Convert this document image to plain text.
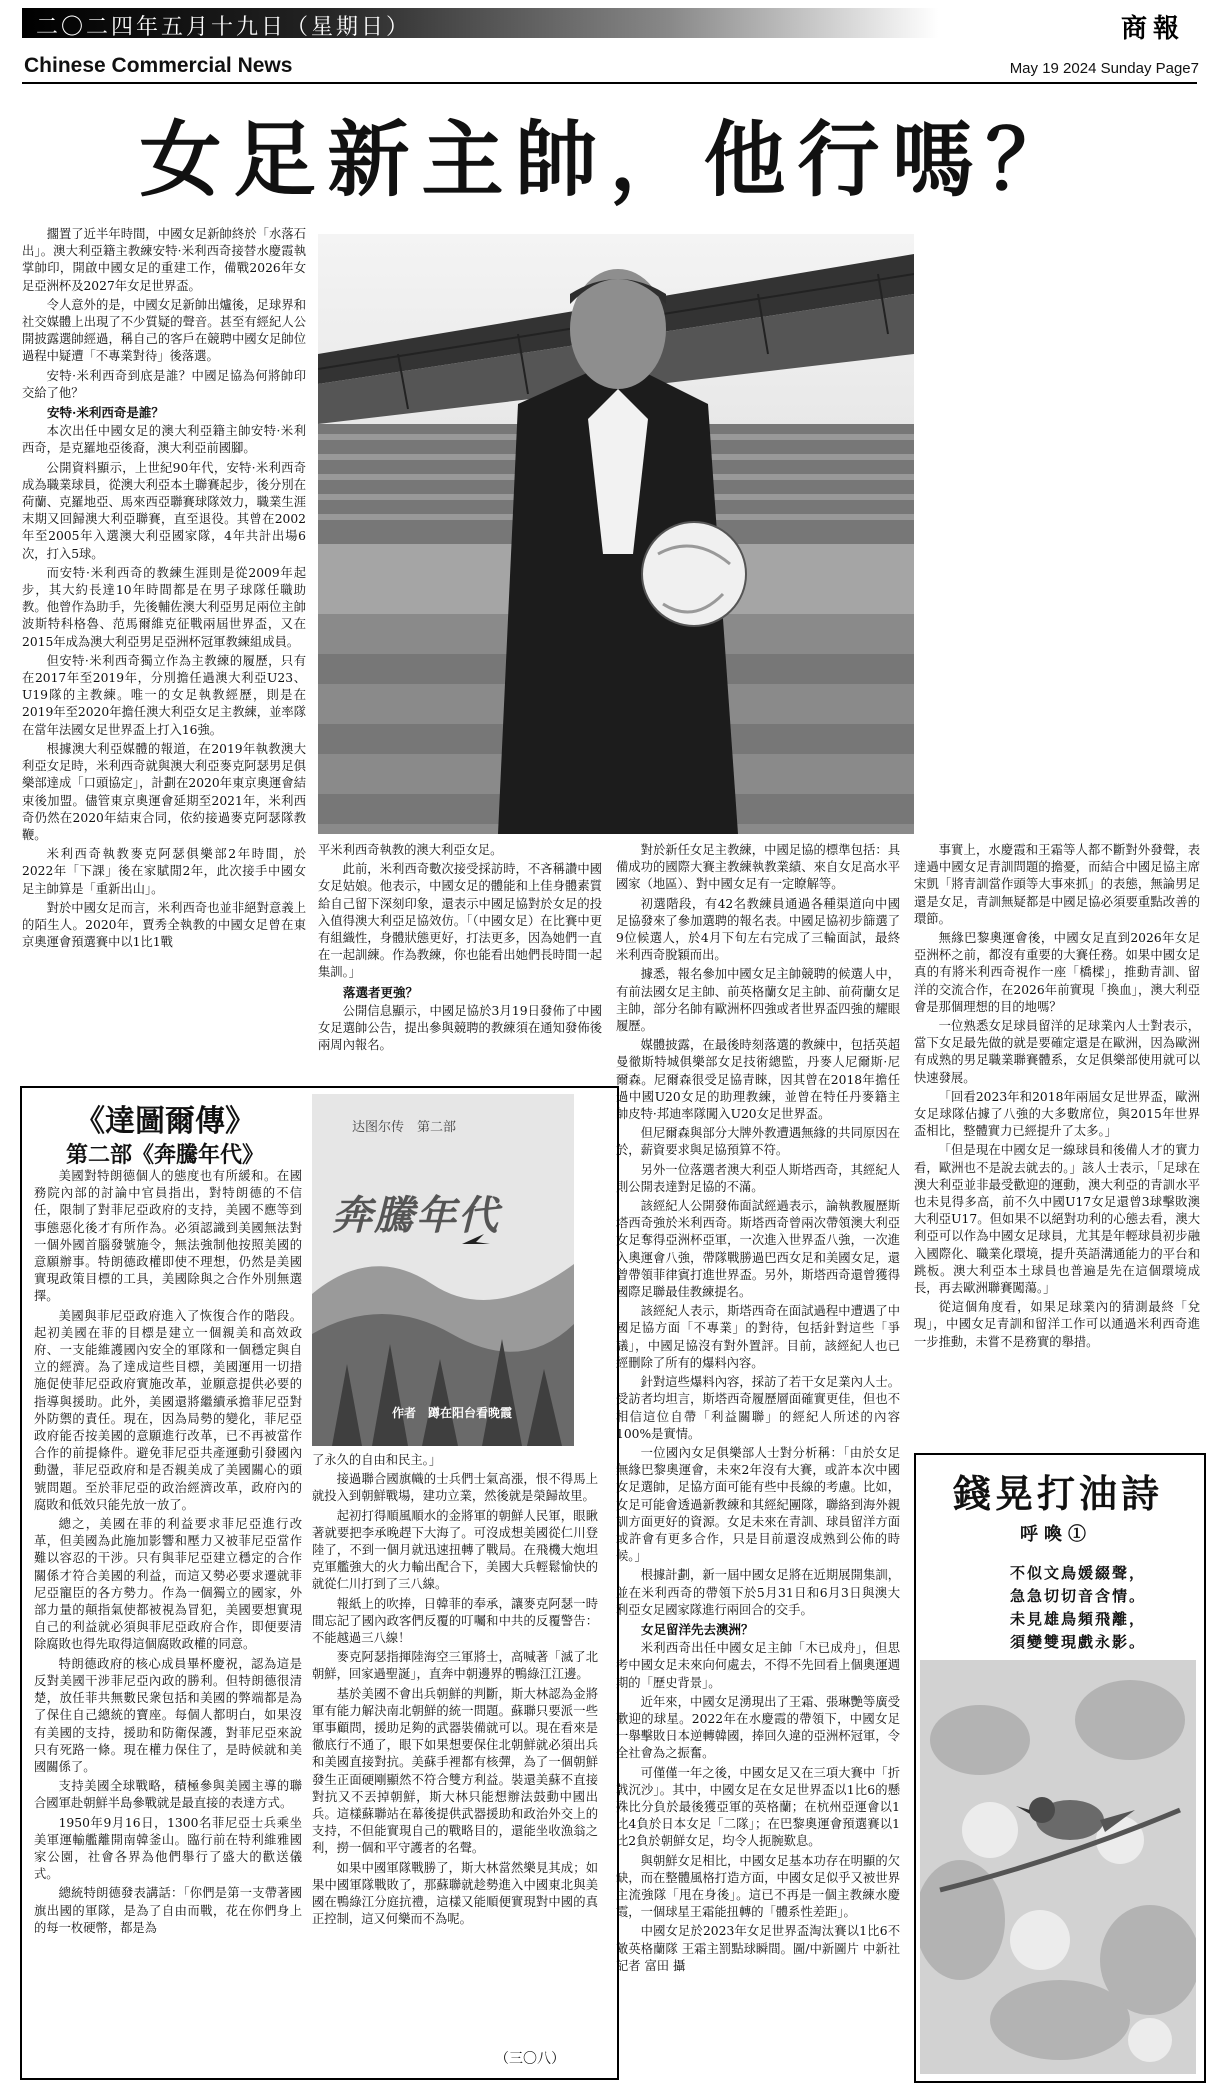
二〇二四年五月十九日（星期日）	商報
Chinese Commercial News	May 19 2024 Sunday Page7
女足新主帥，他行嗎？

擱置了近半年時間，中國女足新帥終於「水落石出」。澳大利亞籍主教練安特·米利西奇接替水慶霞執掌帥印，開啟中國女足的重建工作，備戰2026年女足亞洲杯及2027年女足世界盃。

令人意外的是，中國女足新帥出爐後，足球界和社交媒體上出現了不少質疑的聲音。甚至有經紀人公開披露選帥經過，稱自己的客戶在競聘中國女足帥位過程中疑遭「不專業對待」後落選。

安特·米利西奇到底是誰？中國足協為何將帥印交給了他？

安特·米利西奇是誰？

本次出任中國女足的澳大利亞籍主帥安特·米利西奇，是克羅地亞後裔，澳大利亞前國腳。

公開資料顯示，上世紀90年代，安特·米利西奇成為職業球員，從澳大利亞本土聯賽起步，後分別在荷蘭、克羅地亞、馬來西亞聯賽球隊效力，職業生涯末期又回歸澳大利亞聯賽，直至退役。其曾在2002年至2005年入選澳大利亞國家隊，4年共計出場6次，打入5球。

而安特·米利西奇的教練生涯則是從2009年起步，其大約長達10年時間都是在男子球隊任職助教。他曾作為助手，先後輔佐澳大利亞男足兩位主帥波斯特科格魯、范馬爾維克征戰兩屆世界盃，又在2015年成為澳大利亞男足亞洲杯冠軍教練組成員。

但安特·米利西奇獨立作為主教練的履歷，只有在2017年至2019年，分別擔任過澳大利亞U23、U19隊的主教練。唯一的女足執教經歷，則是在2019年至2020年擔任澳大利亞女足主教練，並率隊在當年法國女足世界盃上打入16強。

根據澳大利亞媒體的報道，在2019年執教澳大利亞女足時，米利西奇就與澳大利亞麥克阿瑟男足俱樂部達成「口頭協定」，計劃在2020年東京奧運會結束後加盟。儘管東京奧運會延期至2021年，米利西奇仍然在2020年結束合同，依約接過麥克阿瑟隊教鞭。

米利西奇執教麥克阿瑟俱樂部2年時間，於2022年「下課」後在家賦閒2年，此次接手中國女足主帥算是「重新出山」。

對於中國女足而言，米利西奇也並非絕對意義上的陌生人。2020年，賈秀全執教的中國女足曾在東京奧運會預選賽中以1比1戰

平米利西奇執教的澳大利亞女足。

此前，米利西奇數次接受採訪時，不吝稱讚中國女足姑娘。他表示，中國女足的體能和上佳身體素質給自己留下深刻印象，還表示中國足協對於女足的投入值得澳大利亞足協效仿。「（中國女足）在比賽中更有組織性，身體狀態更好，打法更多，因為她們一直在一起訓練。作為教練，你也能看出她們長時間一起集訓。」

落選者更強？

公開信息顯示，中國足協於3月19日發佈了中國女足選帥公告，提出參與競聘的教練須在通知發佈後兩周內報名。

對於新任女足主教練，中國足協的標準包括：具備成功的國際大賽主教練執教業績、來自女足高水平國家（地區）、對中國女足有一定瞭解等。

初選階段，有42名教練員通過各種渠道向中國足協發來了參加選聘的報名表。中國足協初步篩選了9位候選人，於4月下旬左右完成了三輪面試，最終米利西奇脫穎而出。

據悉，報名參加中國女足主帥競聘的候選人中，有前法國女足主帥、前英格蘭女足主帥、前荷蘭女足主帥，部分名帥有歐洲杯四強或者世界盃四強的耀眼履歷。

媒體披露，在最後時刻落選的教練中，包括英超曼徹斯特城俱樂部女足技術總監，丹麥人尼爾斯·尼爾森。尼爾森很受足協青睞，因其曾在2018年擔任過中國U20女足的助理教練，並曾在特任丹麥籍主帥皮特·邦迪率隊闖入U20女足世界盃。

但尼爾森與部分大牌外教遭遇無緣的共同原因在於，薪資要求與足協預算不符。

另外一位落選者澳大利亞人斯塔西奇，其經紀人則公開表達對足協的不滿。

該經紀人公開發佈面試經過表示，論執教履歷斯塔西奇強於米利西奇。斯塔西奇曾兩次帶領澳大利亞女足奪得亞洲杯亞軍，一次進入世界盃八強，一次進入奧運會八強，帶隊戰勝過巴西女足和美國女足，還曾帶領菲律賓打進世界盃。另外，斯塔西奇還曾獲得國際足聯最佳教練提名。

該經紀人表示，斯塔西奇在面試過程中遭遇了中國足協方面「不專業」的對待，包括針對這些「爭議」，中國足協沒有對外置評。目前，該經紀人也已經刪除了所有的爆料內容。

針對這些爆料內容，採訪了若干女足業內人士。受訪者均坦言，斯塔西奇履歷層面確實更佳，但也不相信這位自帶「利益關聯」的經紀人所述的內容100%是實情。

一位國內女足俱樂部人士對分析稱：「由於女足無緣巴黎奧運會，未來2年沒有大賽，或許本次中國女足選帥，足協方面可能有些中長線的考慮。比如，女足可能會透過新教練和其經紀團隊，聯絡到海外親訓方面更好的資源。女足未來在青訓、球員留洋方面或許會有更多合作，只是目前還沒成熟到公佈的時候。」

根據計劃，新一屆中國女足將在近期展開集訓，並在米利西奇的帶領下於5月31日和6月3日與澳大利亞女足國家隊進行兩回合的交手。

女足留洋先去澳洲？

米利西奇出任中國女足主帥「木已成舟」，但思考中國女足未來向何處去，不得不先回看上個奧運週期的「歷史背景」。

近年來，中國女足湧現出了王霜、張琳艷等廣受歡迎的球星。2022年在水慶霞的帶領下，中國女足一舉擊敗日本逆轉韓國，捧回久違的亞洲杯冠軍，令全社會為之振奮。

可僅僅一年之後，中國女足又在三項大賽中「折戟沉沙」。其中，中國女足在女足世界盃以1比6的懸殊比分負於最後獲亞軍的英格蘭；在杭州亞運會以1比4負於日本女足「二隊」；在巴黎奧運會預選賽以1比2負於朝鮮女足，均令人扼腕歎息。

與朝鮮女足相比，中國女足基本功存在明顯的欠缺，而在整體風格打造方面，中國女足似乎又被世界主流強隊「甩在身後」。這已不再是一個主教練水慶霞，一個球星王霜能扭轉的「體系性差距」。

中國女足於2023年女足世界盃淘汰賽以1比6不敵英格蘭隊 王霜主罰點球瞬間。圖/中新圖片 中新社記者 富田 攝

事實上，水慶霞和王霜等人都不斷對外發聲，表達過中國女足青訓問題的擔憂，而結合中國足協主席宋凱「將青訓當作頭等大事來抓」的表態，無論男足還是女足，青訓無疑都是中國足協必須要重點改善的環節。

無緣巴黎奧運會後，中國女足直到2026年女足亞洲杯之前，都沒有重要的大賽任務。如果中國女足真的有將米利西奇視作一座「橋樑」，推動青訓、留洋的交流合作，在2026年前實現「換血」，澳大利亞會是那個理想的目的地嗎？

一位熟悉女足球員留洋的足球業內人士對表示，當下女足最先做的就是要確定還是在歐洲，因為歐洲有成熟的男足職業聯賽體系，女足俱樂部使用就可以快速發展。

「回看2023年和2018年兩屆女足世界盃，歐洲女足球隊佔據了八強的大多數席位，與2015年世界盃相比，整體實力已經提升了太多。」

「但是現在中國女足一線球員和後備人才的實力看，歐洲也不是說去就去的。」該人士表示，「足球在澳大利亞並非最受歡迎的運動，澳大利亞的青訓水平也未見得多高，前不久中國U17女足還曾3球擊敗澳大利亞U17。但如果不以絕對功利的心態去看，澳大利亞可以作為中國女足球員，尤其是年輕球員初步融入國際化、職業化環境，提升英語溝通能力的平台和跳板。澳大利亞本土球員也普遍是先在這個環境成長，再去歐洲聯賽闖蕩。」

從這個角度看，如果足球業內的猜測最終「兌現」，中國女足青訓和留洋工作可以通過米利西奇進一步推動，未嘗不是務實的舉措。

《達圖爾傳》
第二部《奔騰年代》
达图尔传　第二部
奔騰年代
作者　蹲在阳台看晚霞

美國對特朗德個人的態度也有所緩和。在國務院內部的討論中官員指出，對特朗德的不信任，限制了對菲尼亞政府的支持，美國不應等到事態惡化後才有所作為。必須認識到美國無法對一個外國首腦發號施令，無法強制他按照美國的意願辦事。特朗德政權即使不理想，仍然是美國實現政策目標的工具，美國除與之合作外別無選擇。

美國與菲尼亞政府進入了恢復合作的階段。起初美國在菲的目標是建立一個親美和高效政府、一支能維護國內安全的軍隊和一個穩定與自立的經濟。為了達成這些目標，美國運用一切措施促使菲尼亞政府實施改革，並願意提供必要的指導與援助。此外，美國還將繼續承擔菲尼亞對外防禦的責任。現在，因為局勢的變化，菲尼亞政府能否按美國的意願進行改革，已不再被當作合作的前提條件。避免菲尼亞共產運動引發國內動盪，菲尼亞政府和是否親美成了美國關心的頭號問題。至於菲尼亞的政治經濟改革，政府內的腐敗和低效只能先放一放了。

總之，美國在菲的利益要求菲尼亞進行改革，但美國為此施加影響和壓力又被菲尼亞當作難以容忍的干涉。只有與菲尼亞建立穩定的合作關係才符合美國的利益，而這又勢必要求遷就菲尼亞寵臣的各方勢力。作為一個獨立的國家，外部力量的顛指氣使都被視為冒犯，美國要想實現自己的利益就必須與菲尼亞政府合作，即便要清除腐敗也得先取得這個腐敗政權的同意。

特朗德政府的核心成員畢杯慶祝，認為這是反對美國干涉菲尼亞內政的勝利。但特朗德很清楚，放任菲共無數民衆包括和美國的弊端都是為了保住自己總統的寶座。每個人都明白，如果沒有美國的支持，援助和防衛保護，對菲尼亞來說只有死路一條。現在權力保住了，是時候就和美國關係了。

支持美國全球戰略，積極參與美國主導的聯合國軍赴朝鮮半島參戰就是最直接的表達方式。

1950年9月16日，1300名菲尼亞士兵乘坐美軍運輸艦離開南韓釜山。臨行前在特利維雅國家公園，社會各界為他們舉行了盛大的歡送儀式。

總統特朗德發表講話：「你們是第一支帶著國旗出國的軍隊，是為了自由而戰，花在你們身上的每一枚硬幣，都是為

了永久的自由和民主。」

接過聯合國旗幟的士兵們士氣高漲，恨不得馬上就投入到朝鮮戰場，建功立業，然後就是榮歸故里。

起初打得順風順水的金將軍的朝鮮人民軍，眼瞅著就要把李承晚趕下大海了。可沒成想美國從仁川登陸了，不到一個月就迅速扭轉了戰局。在飛機大炮坦克軍艦強大的火力輸出配合下，美國大兵輕鬆愉快的就從仁川打到了三八線。

報紙上的吹捧，日韓菲的奉承，讓麥克阿瑟一時間忘記了國內政客們反覆的叮囑和中共的反覆警告：不能越過三八線！

麥克阿瑟指揮陸海空三軍將士，高喊著「滅了北朝鮮，回家過聖誕」，直奔中朝邊界的鴨綠江江邊。

基於美國不會出兵朝鮮的判斷，斯大林認為金將軍有能力解決南北朝鮮的統一問題。蘇聯只要派一些軍事顧問，援助足夠的武器裝備就可以。現在看來是徹底行不通了，眼下如果想要保住北朝鮮就必須出兵和美國直接對抗。美蘇手裡都有核彈，為了一個朝鮮發生正面硬剛顯然不符合雙方利益。裝還美蘇不直接對抗又不丟掉朝鮮，斯大林只能想辦法鼓動中國出兵。這樣蘇聯站在幕後提供武器援助和政治外交上的支持，不但能實現自己的戰略目的，還能坐收漁翁之利，撈一個和平守護者的名聲。

如果中國軍隊戰勝了，斯大林當然樂見其成；如果中國軍隊戰敗了，那蘇聯就趁勢進入中國東北與美國在鴨綠江分庭抗禮，這樣又能順便實現對中國的真正控制，這又何樂而不為呢。

（三〇八）
錢晃打油詩
呼喚①
不似文鳥媛綴聲，
急急切切音含情。
未見雄鳥頻飛離，
須變雙現戲永影。
